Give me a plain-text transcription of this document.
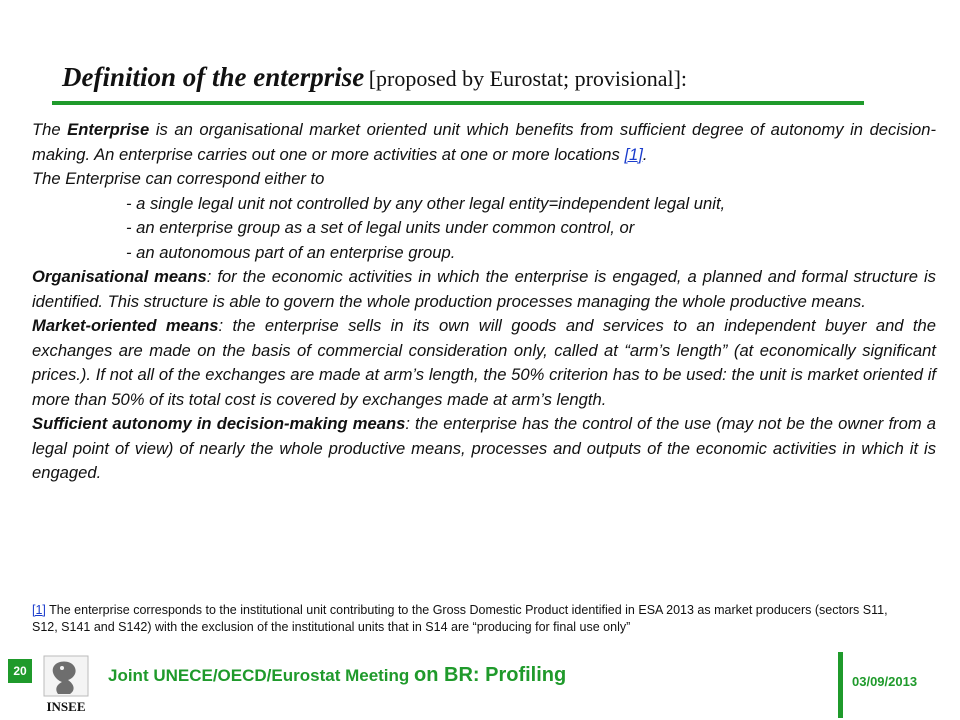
Definition of the enterprise [proposed by Eurostat; provisional]:

The Enterprise is an organisational market oriented unit which benefits from sufficient degree of autonomy in decision-making. An enterprise carries out one or more activities at one or more locations [1].

The Enterprise can correspond either to

- a single legal unit not controlled by any other legal entity=independent legal unit,

- an enterprise group as a set of legal units under common control, or

- an autonomous part of an enterprise group.

Organisational means: for the economic activities in which the enterprise is engaged, a planned and formal structure is identified. This structure is able to govern the whole production processes managing the whole productive means.

Market-oriented means: the enterprise sells in its own will goods and services to an independent buyer and the exchanges are made on the basis of commercial consideration only, called at “arm’s length” (at economically significant prices.). If not all of the exchanges are made at arm’s length, the 50% criterion has to be used: the unit is market oriented if more than 50% of its total cost is covered by exchanges made at arm’s length.

Sufficient autonomy in decision-making means: the enterprise has the control of the use (may not be the owner from a legal point of view) of nearly the whole productive means, processes and outputs of the economic activities in which it is engaged.

[1] The enterprise corresponds to the institutional unit contributing to the Gross Domestic Product identified in ESA 2013 as market producers (sectors S11, S12, S141 and S142) with the exclusion of the institutional units that in S14 are “producing for final use only”
20
INSEE
Joint UNECE/OECD/Eurostat Meeting on BR: Profiling	03/09/2013
